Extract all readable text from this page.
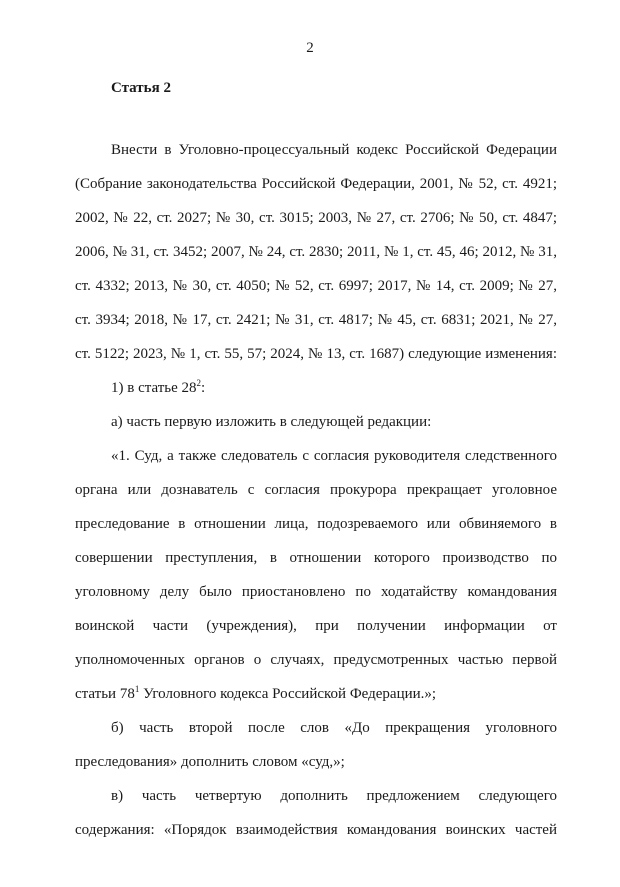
2
Статья 2
Внести в Уголовно-процессуальный кодекс Российской Федерации
(Собрание законодательства Российской Федерации, 2001, № 52, ст. 4921;
2002, № 22, ст. 2027; № 30, ст. 3015; 2003, № 27, ст. 2706; № 50, ст. 4847;
2006, № 31, ст. 3452; 2007, № 24, ст. 2830; 2011, № 1, ст. 45, 46; 2012, № 31,
ст. 4332; 2013, № 30, ст. 4050; № 52, ст. 6997; 2017, № 14, ст. 2009; № 27,
ст. 3934; 2018, № 17, ст. 2421; № 31, ст. 4817; № 45, ст. 6831; 2021, № 27,
ст. 5122; 2023, № 1, ст. 55, 57; 2024, № 13, ст. 1687) следующие изменения:
1) в статье $28^2$:
а) часть первую изложить в следующей редакции:
«1. Суд, а также следователь с согласия руководителя следственного
органа или дознаватель с согласия прокурора прекращает уголовное
преследование в отношении лица, подозреваемого или обвиняемого в
совершении преступления, в отношении которого производство по
уголовному делу было приостановлено по ходатайству командования
воинской части (учреждения), при получении информации от
уполномоченных органов о случаях, предусмотренных частью первой
статьи $78^1$ Уголовного кодекса Российской Федерации.»;
б) часть второй после слов «До прекращения уголовного
преследования» дополнить словом «суд,»;
в) часть четвертую дополнить предложением следующего
содержания: «Порядок взаимодействия командования воинских частей
